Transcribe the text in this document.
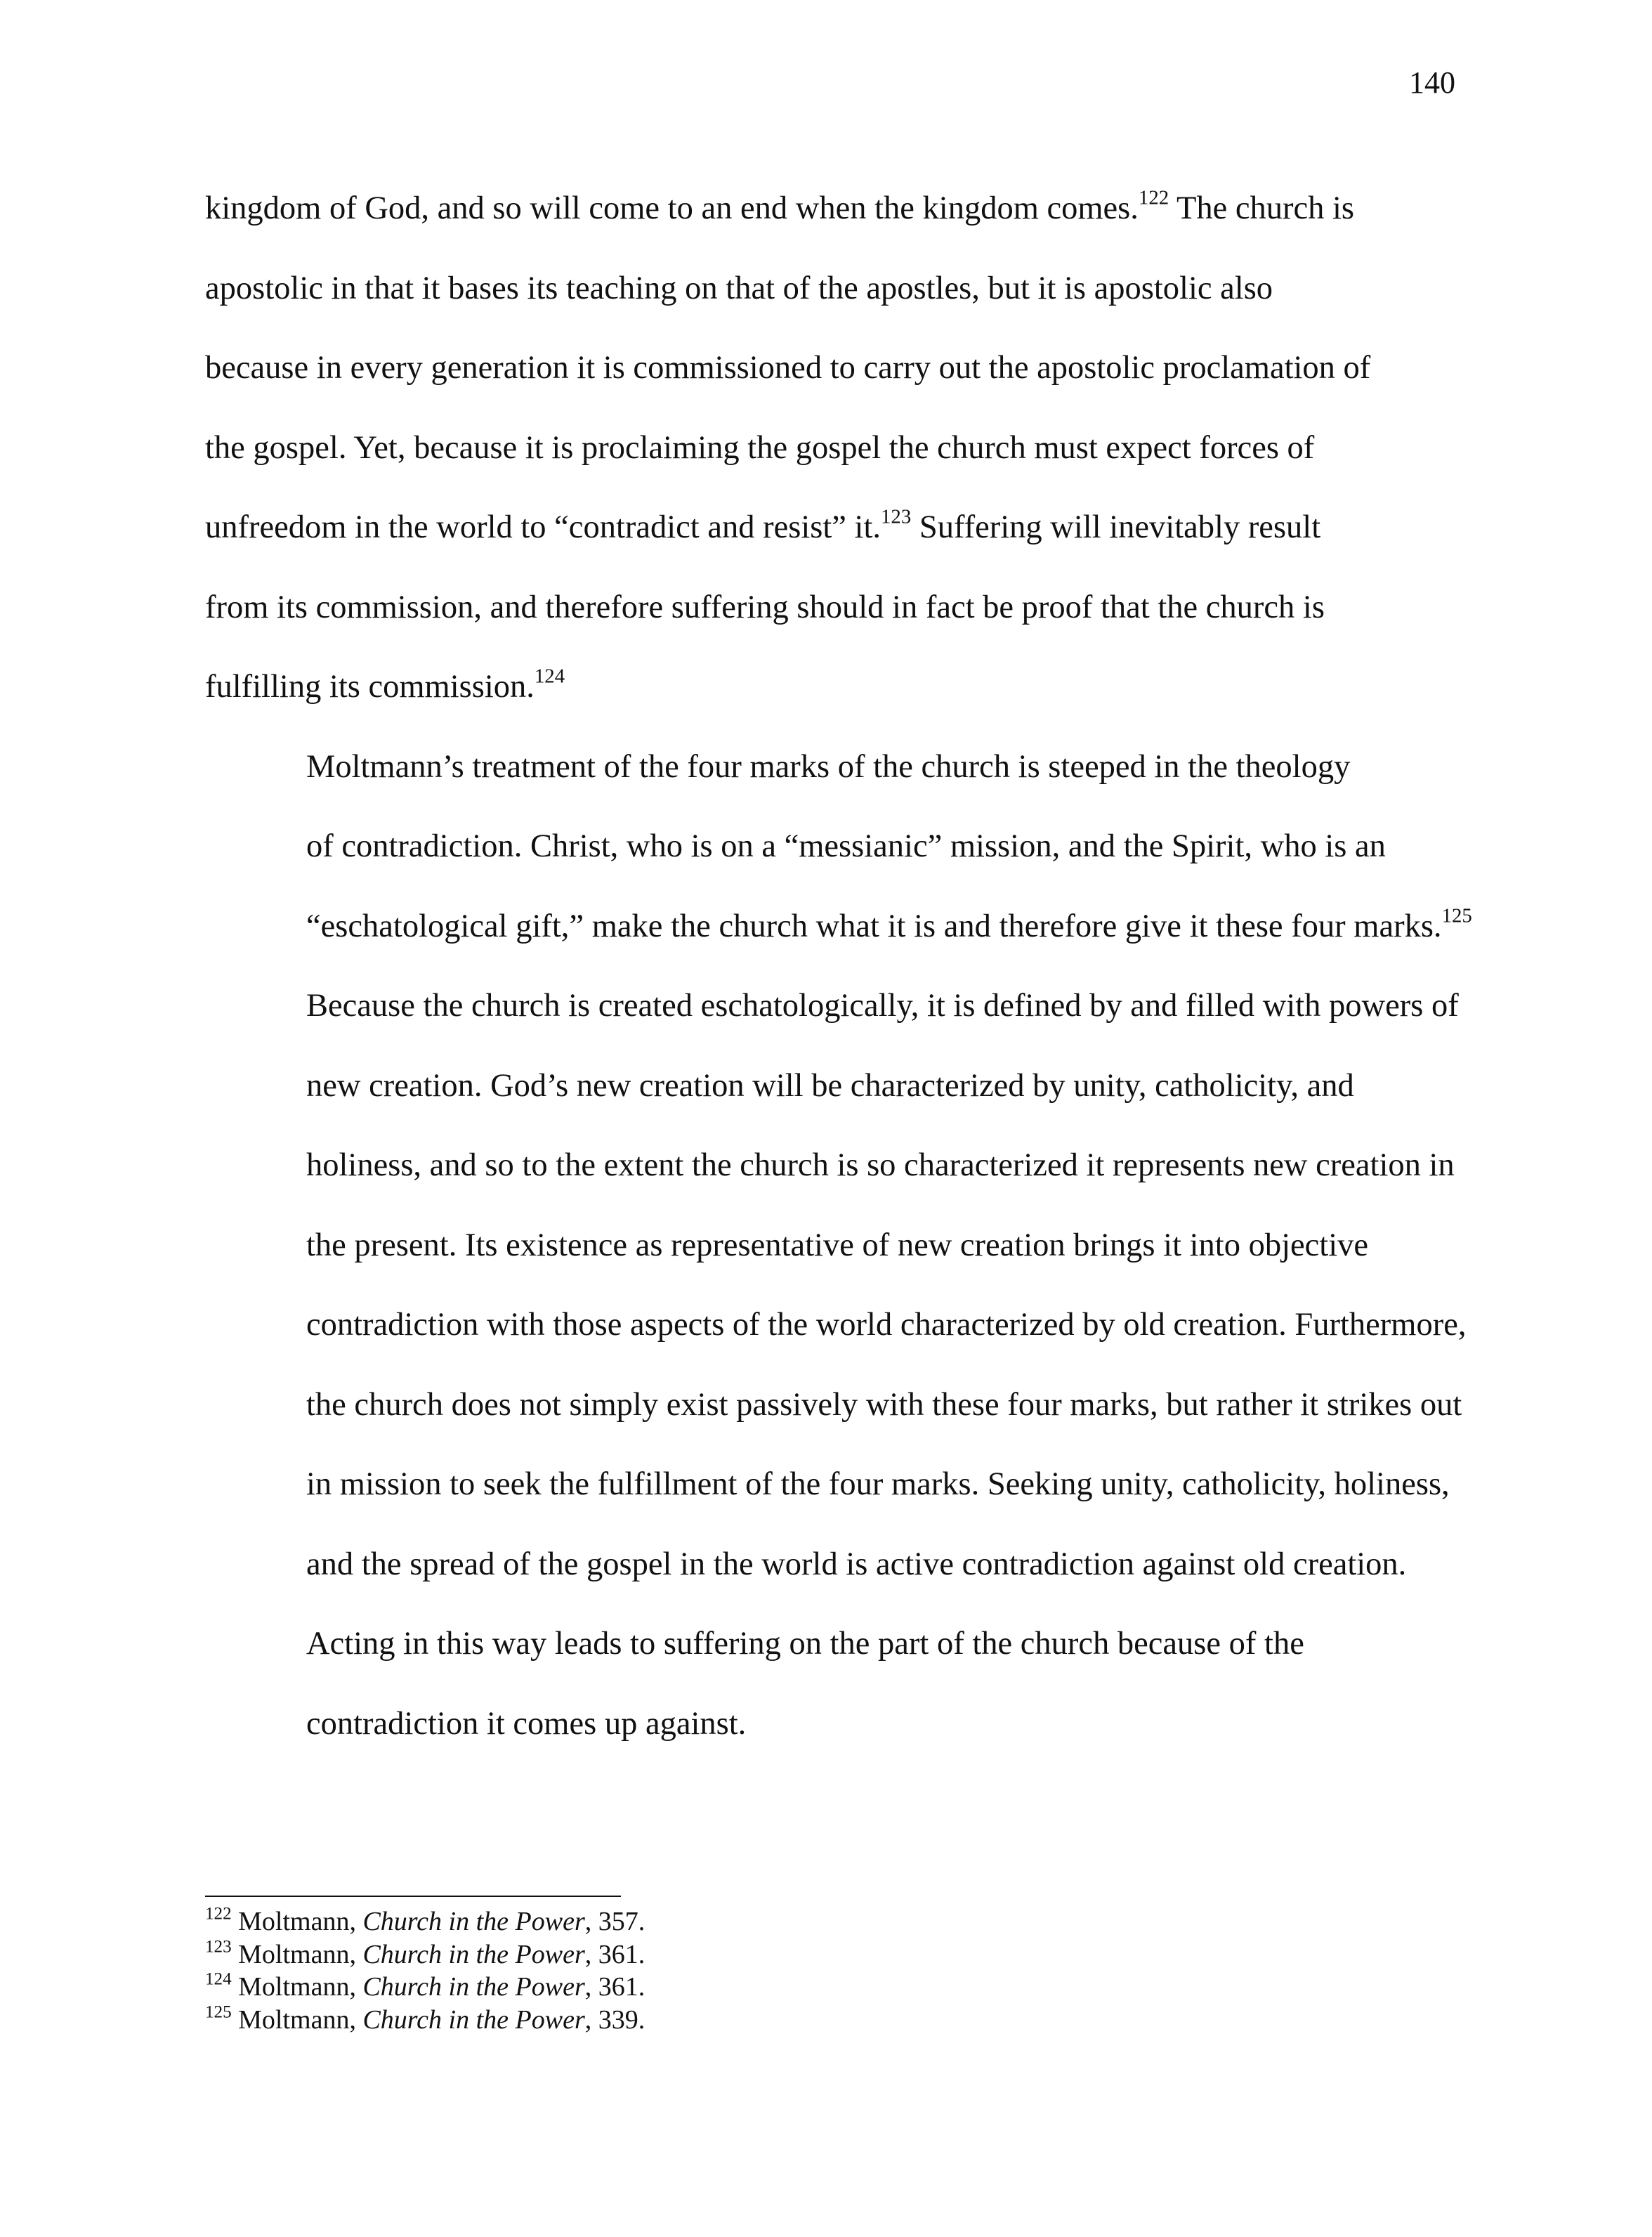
140

kingdom of God, and so will come to an end when the kingdom comes.$^{122}$ The church is
apostolic in that it bases its teaching on that of the apostles, but it is apostolic also
because in every generation it is commissioned to carry out the apostolic proclamation of
the gospel. Yet, because it is proclaiming the gospel the church must expect forces of
unfreedom in the world to “contradict and resist” it.$^{123}$ Suffering will inevitably result
from its commission, and therefore suffering should in fact be proof that the church is
fulfilling its commission.$^{124}$

Moltmann’s treatment of the four marks of the church is steeped in the theology
of contradiction. Christ, who is on a “messianic” mission, and the Spirit, who is an
“eschatological gift,” make the church what it is and therefore give it these four marks.$^{125}$
Because the church is created eschatologically, it is defined by and filled with powers of
new creation. God’s new creation will be characterized by unity, catholicity, and
holiness, and so to the extent the church is so characterized it represents new creation in
the present. Its existence as representative of new creation brings it into objective
contradiction with those aspects of the world characterized by old creation. Furthermore,
the church does not simply exist passively with these four marks, but rather it strikes out
in mission to seek the fulfillment of the four marks. Seeking unity, catholicity, holiness,
and the spread of the gospel in the world is active contradiction against old creation.
Acting in this way leads to suffering on the part of the church because of the
contradiction it comes up against.

$^{122}$ Moltmann, Church in the Power, 357.
$^{123}$ Moltmann, Church in the Power, 361.
$^{124}$ Moltmann, Church in the Power, 361.
$^{125}$ Moltmann, Church in the Power, 339.
